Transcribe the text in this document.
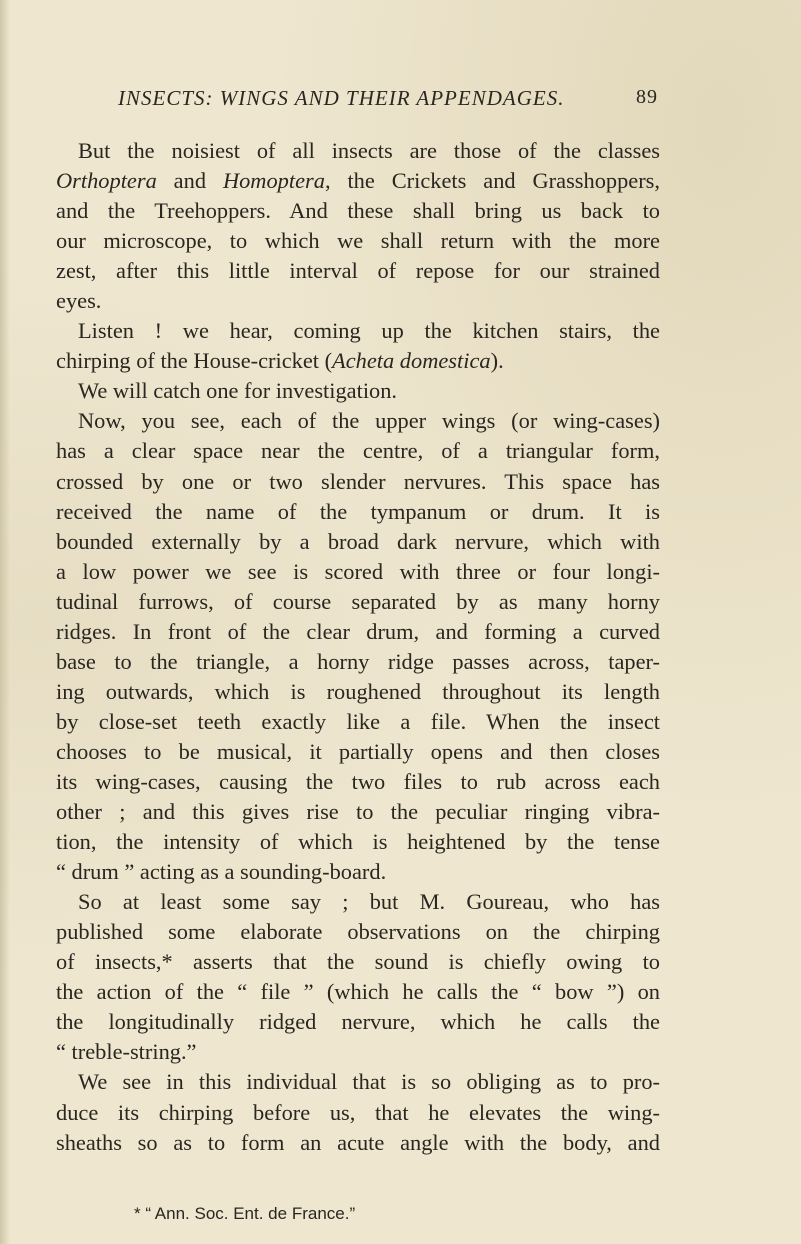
INSECTS: WINGS AND THEIR APPENDAGES.	89
But the noisiest of all insects are those of the classes
Orthoptera and Homoptera, the Crickets and Grasshoppers,
and the Treehoppers. And these shall bring us back to
our microscope, to which we shall return with the more
zest, after this little interval of repose for our strained
eyes.
Listen ! we hear, coming up the kitchen stairs, the
chirping of the House-cricket (Acheta domestica).
We will catch one for investigation.
Now, you see, each of the upper wings (or wing-cases)
has a clear space near the centre, of a triangular form,
crossed by one or two slender nervures. This space has
received the name of the tympanum or drum. It is
bounded externally by a broad dark nervure, which with
a low power we see is scored with three or four longi-
tudinal furrows, of course separated by as many horny
ridges. In front of the clear drum, and forming a curved
base to the triangle, a horny ridge passes across, taper-
ing outwards, which is roughened throughout its length
by close-set teeth exactly like a file. When the insect
chooses to be musical, it partially opens and then closes
its wing-cases, causing the two files to rub across each
other ; and this gives rise to the peculiar ringing vibra-
tion, the intensity of which is heightened by the tense
“ drum ” acting as a sounding-board.
So at least some say ; but M. Goureau, who has
published some elaborate observations on the chirping
of insects,* asserts that the sound is chiefly owing to
the action of the “ file ” (which he calls the “ bow ”) on
the longitudinally ridged nervure, which he calls the
“ treble-string.”
We see in this individual that is so obliging as to pro-
duce its chirping before us, that he elevates the wing-
sheaths so as to form an acute angle with the body, and
* “ Ann. Soc. Ent. de France.”
